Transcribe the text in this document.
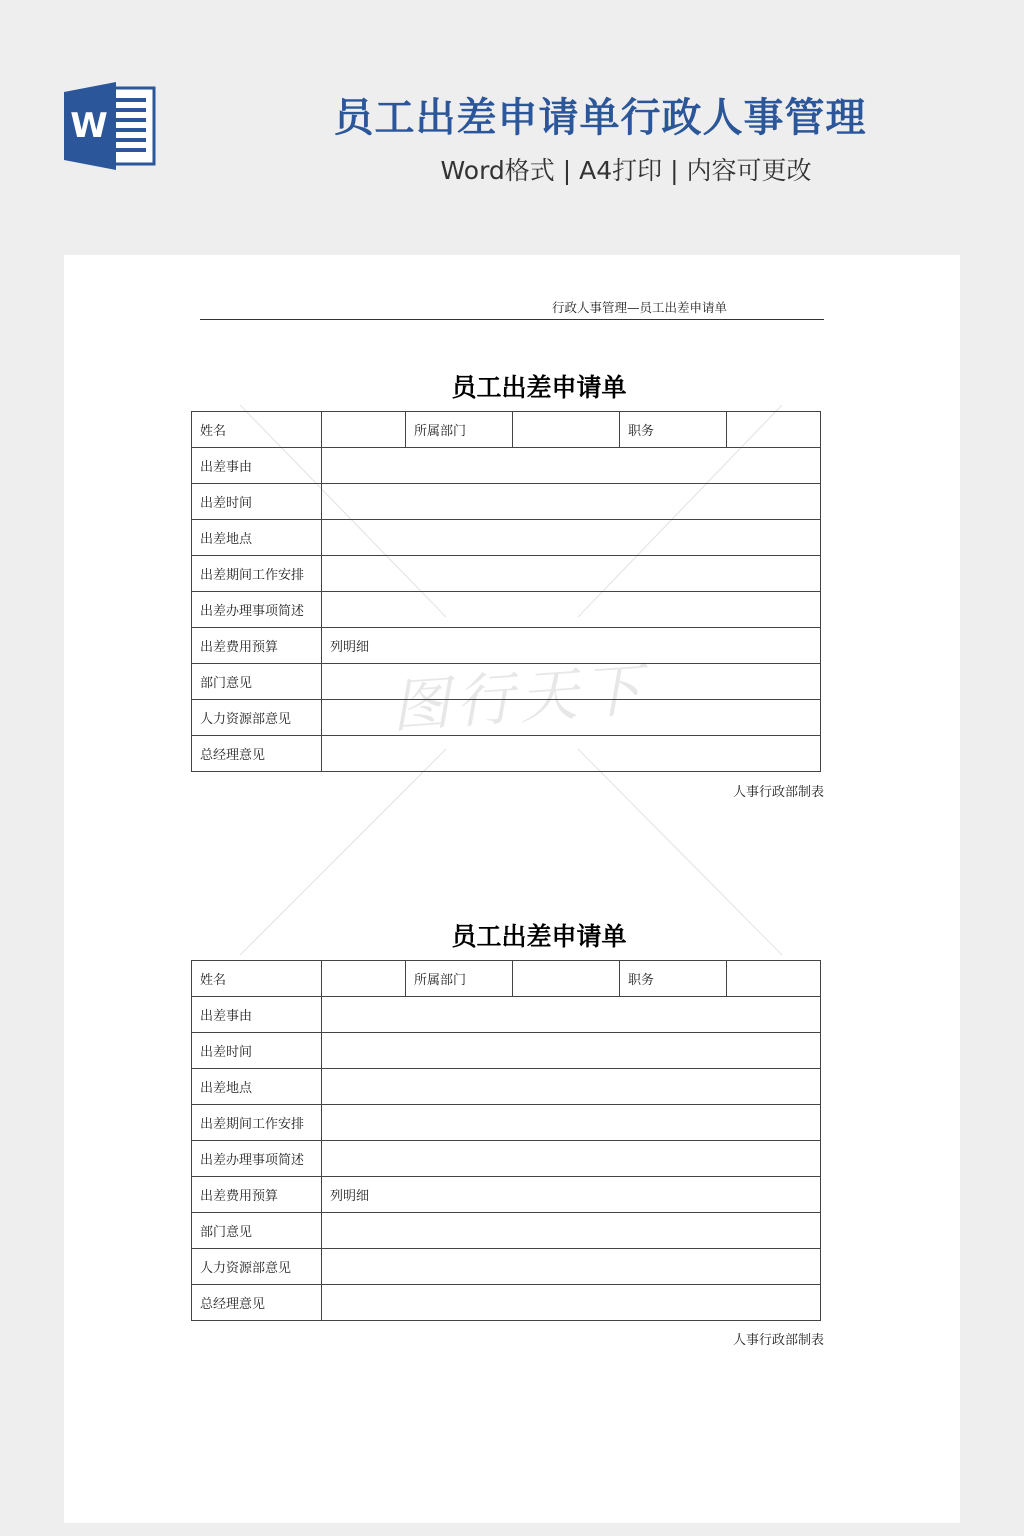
W	员工出差申请单行政人事管理
Word格式 | A4打印 | 内容可更改
图行天下
行政人事管理—员工出差申请单
员工出差申请单
姓名		所属部门		职务	
出差事由					
出差时间					
出差地点					
出差期间工作安排					
出差办理事项简述					
出差费用预算	列明细				
部门意见					
人力资源部意见					
总经理意见					
人事行政部制表
员工出差申请单
姓名		所属部门		职务	
出差事由					
出差时间					
出差地点					
出差期间工作安排					
出差办理事项简述					
出差费用预算	列明细				
部门意见					
人力资源部意见					
总经理意见					
人事行政部制表
